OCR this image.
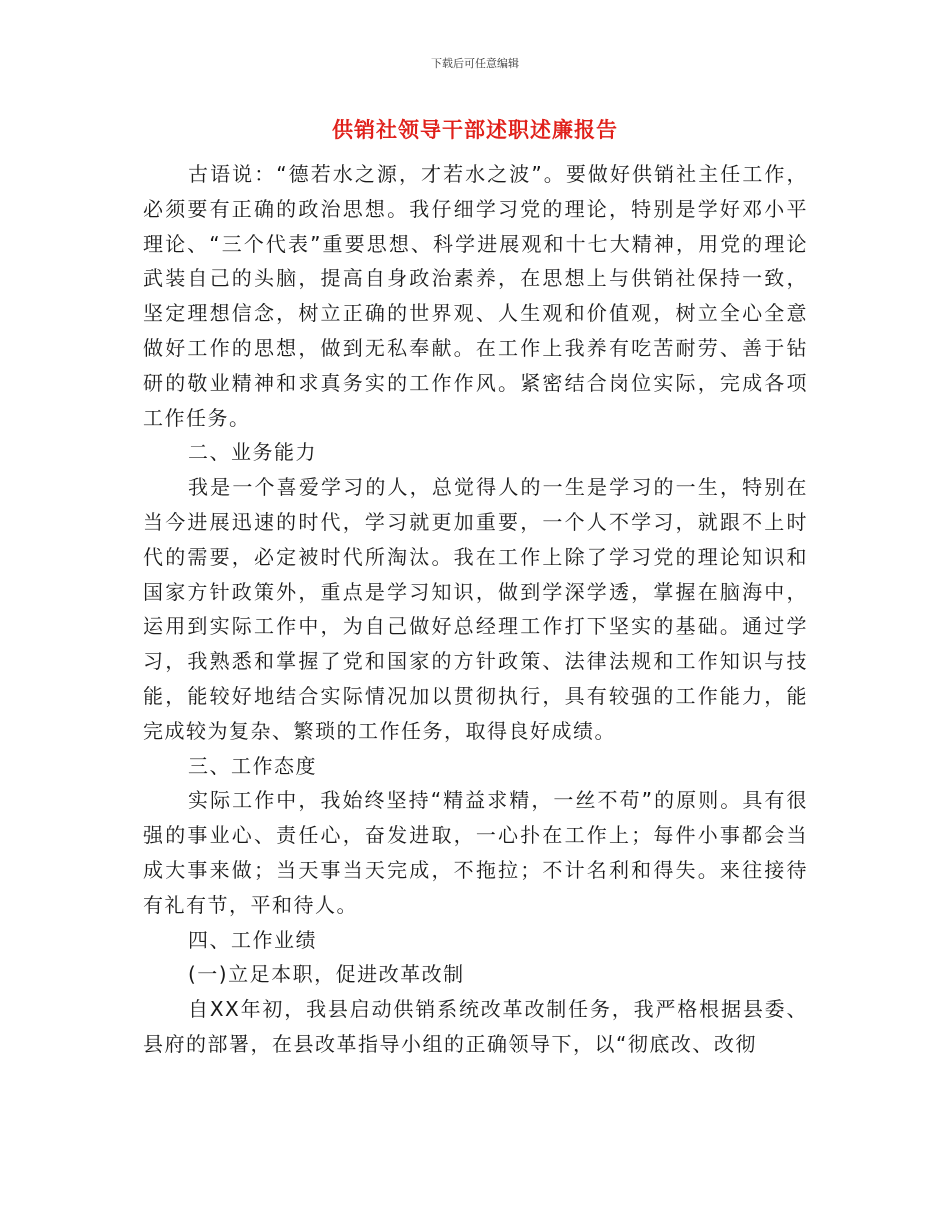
下载后可任意编辑
供销社领导干部述职述廉报告

古语说：“德若水之源，才若水之波”。要做好供销社主任工作，必须要有正确的政治思想。我仔细学习党的理论，特别是学好邓小平理论、“三个代表”重要思想、科学进展观和十七大精神，用党的理论武装自己的头脑，提高自身政治素养，在思想上与供销社保持一致，坚定理想信念，树立正确的世界观、人生观和价值观，树立全心全意做好工作的思想，做到无私奉献。在工作上我养有吃苦耐劳、善于钻研的敬业精神和求真务实的工作作风。紧密结合岗位实际，完成各项工作任务。

二、业务能力

我是一个喜爱学习的人，总觉得人的一生是学习的一生，特别在当今进展迅速的时代，学习就更加重要，一个人不学习，就跟不上时代的需要，必定被时代所淘汰。我在工作上除了学习党的理论知识和国家方针政策外，重点是学习知识，做到学深学透，掌握在脑海中，运用到实际工作中，为自己做好总经理工作打下坚实的基础。通过学习，我熟悉和掌握了党和国家的方针政策、法律法规和工作知识与技能，能较好地结合实际情况加以贯彻执行，具有较强的工作能力，能完成较为复杂、繁琐的工作任务，取得良好成绩。

三、工作态度

实际工作中，我始终坚持“精益求精，一丝不苟”的原则。具有很强的事业心、责任心，奋发进取，一心扑在工作上；每件小事都会当成大事来做；当天事当天完成，不拖拉；不计名利和得失。来往接待有礼有节，平和待人。

四、工作业绩

(一)立足本职，促进改革改制

自XX年初，我县启动供销系统改革改制任务，我严格根据县委、县府的部署，在县改革指导小组的正确领导下，以“彻底改、改彻
